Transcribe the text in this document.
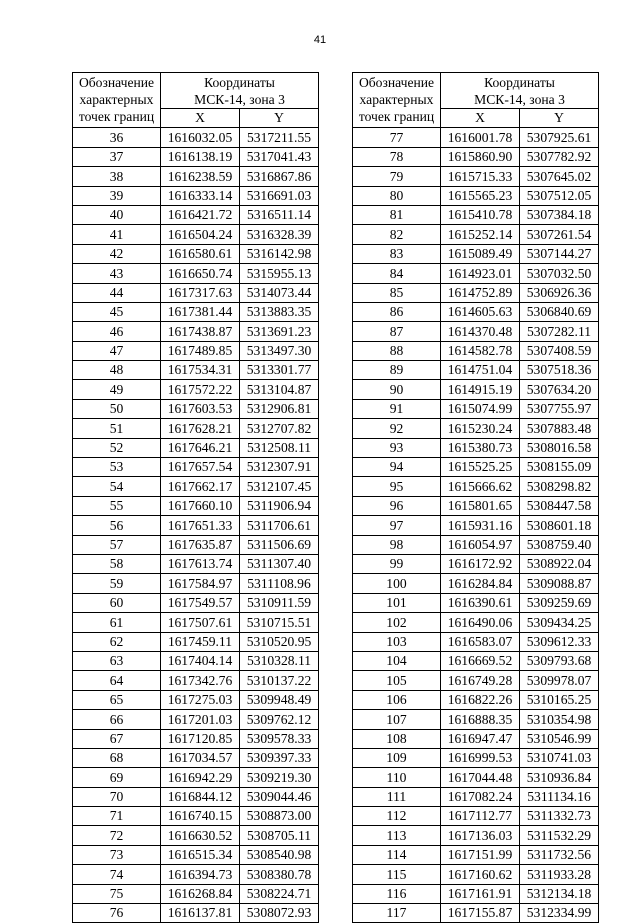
41
Обозначение
характерных
точек границ	Координаты
МСК-14, зона 3	

	X	Y
36	1616032.05	5317211.55
37	1616138.19	5317041.43
38	1616238.59	5316867.86
39	1616333.14	5316691.03
40	1616421.72	5316511.14
41	1616504.24	5316328.39
42	1616580.61	5316142.98
43	1616650.74	5315955.13
44	1617317.63	5314073.44
45	1617381.44	5313883.35
46	1617438.87	5313691.23
47	1617489.85	5313497.30
48	1617534.31	5313301.77
49	1617572.22	5313104.87
50	1617603.53	5312906.81
51	1617628.21	5312707.82
52	1617646.21	5312508.11
53	1617657.54	5312307.91
54	1617662.17	5312107.45
55	1617660.10	5311906.94
56	1617651.33	5311706.61
57	1617635.87	5311506.69
58	1617613.74	5311307.40
59	1617584.97	5311108.96
60	1617549.57	5310911.59
61	1617507.61	5310715.51
62	1617459.11	5310520.95
63	1617404.14	5310328.11
64	1617342.76	5310137.22
65	1617275.03	5309948.49
66	1617201.03	5309762.12
67	1617120.85	5309578.33
68	1617034.57	5309397.33
69	1616942.29	5309219.30
70	1616844.12	5309044.46
71	1616740.15	5308873.00
72	1616630.52	5308705.11
73	1616515.34	5308540.98
74	1616394.73	5308380.78
75	1616268.84	5308224.71
76	1616137.81	5308072.93
Обозначение
характерных
точек границ	Координаты
МСК-14, зона 3	

	X	Y
77	1616001.78	5307925.61
78	1615860.90	5307782.92
79	1615715.33	5307645.02
80	1615565.23	5307512.05
81	1615410.78	5307384.18
82	1615252.14	5307261.54
83	1615089.49	5307144.27
84	1614923.01	5307032.50
85	1614752.89	5306926.36
86	1614605.63	5306840.69
87	1614370.48	5307282.11
88	1614582.78	5307408.59
89	1614751.04	5307518.36
90	1614915.19	5307634.20
91	1615074.99	5307755.97
92	1615230.24	5307883.48
93	1615380.73	5308016.58
94	1615525.25	5308155.09
95	1615666.62	5308298.82
96	1615801.65	5308447.58
97	1615931.16	5308601.18
98	1616054.97	5308759.40
99	1616172.92	5308922.04
100	1616284.84	5309088.87
101	1616390.61	5309259.69
102	1616490.06	5309434.25
103	1616583.07	5309612.33
104	1616669.52	5309793.68
105	1616749.28	5309978.07
106	1616822.26	5310165.25
107	1616888.35	5310354.98
108	1616947.47	5310546.99
109	1616999.53	5310741.03
110	1617044.48	5310936.84
111	1617082.24	5311134.16
112	1617112.77	5311332.73
113	1617136.03	5311532.29
114	1617151.99	5311732.56
115	1617160.62	5311933.28
116	1617161.91	5312134.18
117	1617155.87	5312334.99
